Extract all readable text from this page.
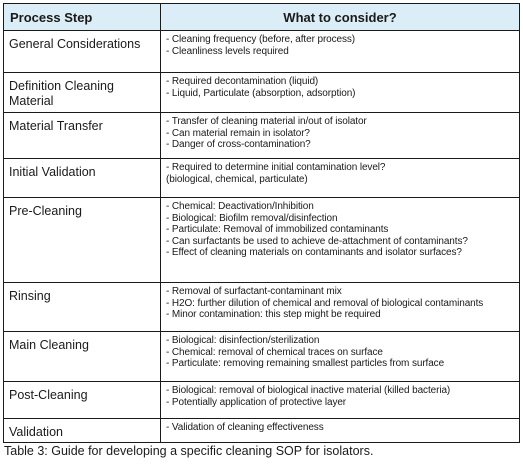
Process Step	What to consider?
General Considerations	- Cleaning frequency (before, after process)
- Cleanliness levels required

Definition Cleaning Material	- Required decontamination (liquid)
- Liquid, Particulate (absorption, adsorption)

Material Transfer	- Transfer of cleaning material in/out of isolator
- Can material remain in isolator?
- Danger of cross-contamination?

Initial Validation	- Required to determine initial contamination level?
(biological, chemical, particulate)

Pre-Cleaning	- Chemical: Deactivation/Inhibition
- Biological: Biofilm removal/disinfection
- Particulate: Removal of immobilized contaminants
- Can surfactants be used to achieve de-attachment of contaminants?
- Effect of cleaning materials on contaminants and isolator surfaces?

Rinsing	- Removal of surfactant-contaminant mix
- H2O: further dilution of chemical and removal of biological contaminants
- Minor contamination: this step might be required

Main Cleaning	- Biological: disinfection/sterilization
- Chemical: removal of chemical traces on surface
- Particulate: removing remaining smallest particles from surface

Post-Cleaning	- Biological: removal of biological inactive material (killed bacteria)
- Potentially application of protective layer

Validation	- Validation of cleaning effectiveness
Table 3: Guide for developing a specific cleaning SOP for isolators.
